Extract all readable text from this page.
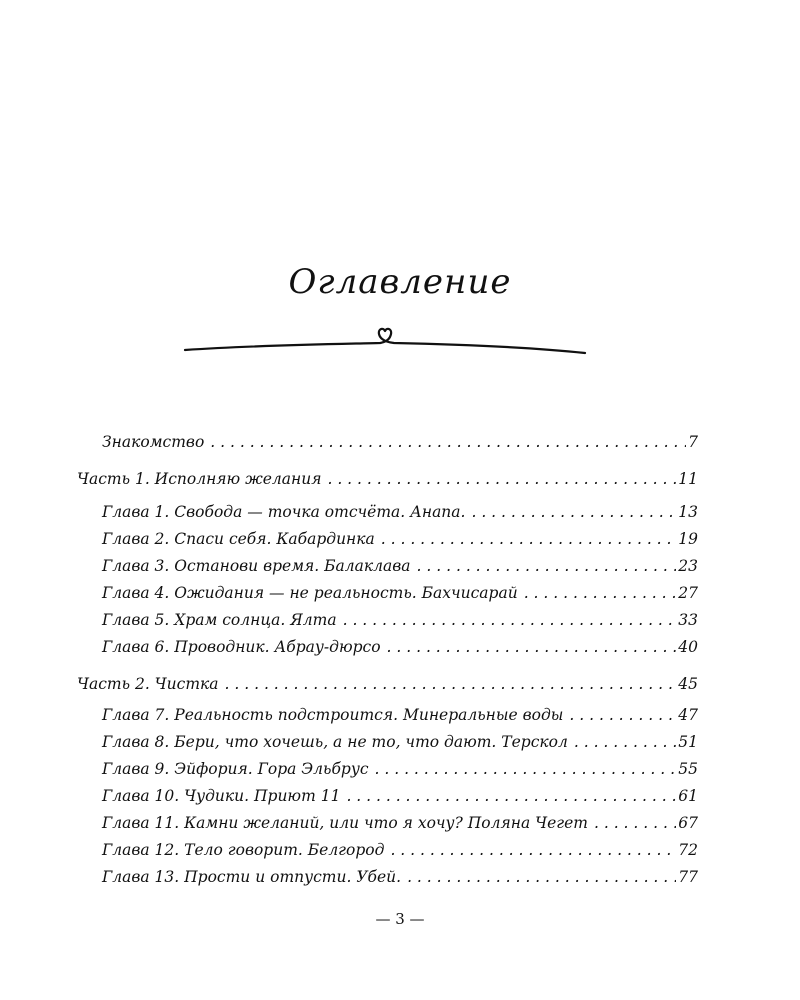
Оглавление
Знакомство . . .	7
Часть 1. Исполняю желания . . .	11
Глава 1. Свобода — точка отсчёта. Анапа. . . .	13
Глава 2. Спаси себя. Кабардинка . . .	19
Глава 3. Останови время. Балаклава . . .	23
Глава 4. Ожидания — не реальность. Бахчисарай . . .	27
Глава 5. Храм солнца. Ялта . . .	33
Глава 6. Проводник. Абрау-дюрсо . . .	40
Часть 2. Чистка . . .	45
Глава 7. Реальность подстроится. Минеральные воды . . .	47
Глава 8. Бери, что хочешь, а не то, что дают. Терскол . . .	51
Глава 9. Эйфория. Гора Эльбрус . . .	55
Глава 10. Чудики. Приют 11 . . .	61
Глава 11. Камни желаний, или что я хочу? Поляна Чегет . . .	67
Глава 12. Тело говорит. Белгород . . .	72
Глава 13. Прости и отпусти. Убей. . . .	77
— 3 —
